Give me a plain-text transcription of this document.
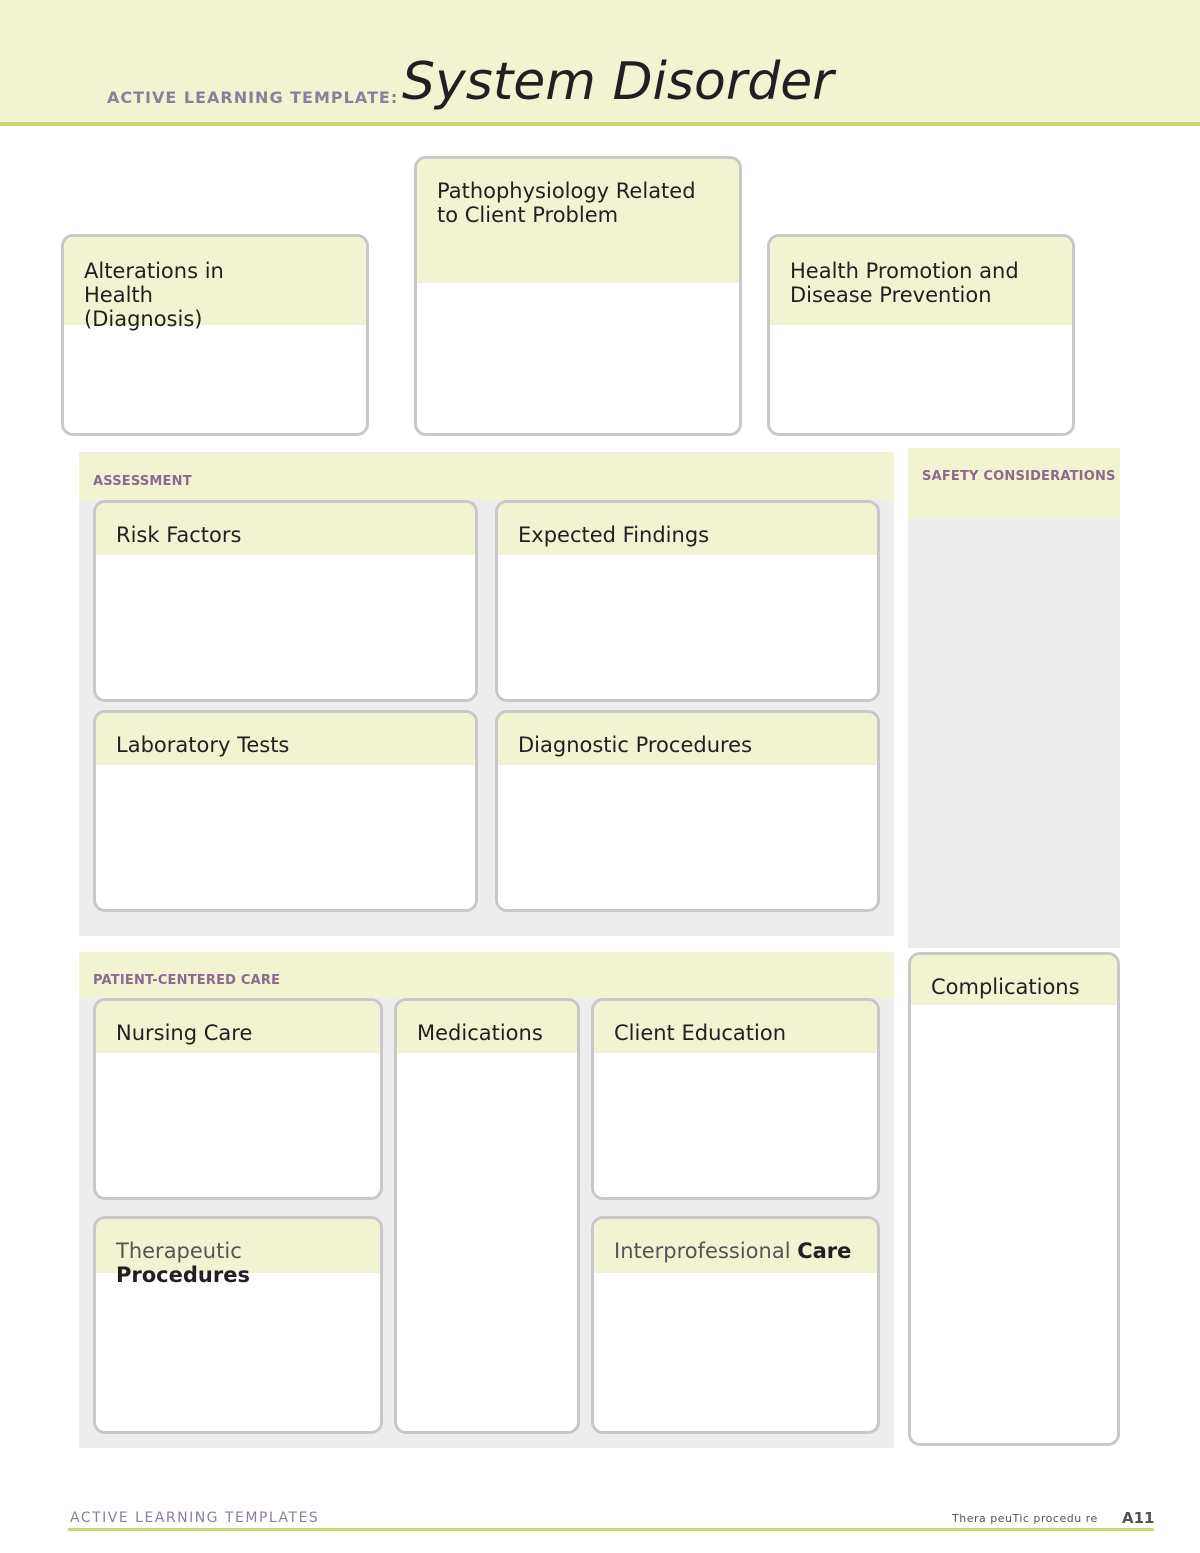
ACTIVE LEARNING TEMPLATE: System Disorder
Alterations in Health (Diagnosis)
Pathophysiology Related to Client Problem
Health Promotion and Disease Prevention
ASSESSMENT
Risk Factors	Expected Findings
Laboratory Tests	Diagnostic Procedures
SAFETY CONSIDERATIONS
Complications
PATIENT-CENTERED CARE
Nursing Care	Medications	Client Education
Therapeutic Procedures
Interprofessional Care
ACTIVE LEARNING TEMPLATES	Thera peuTic procedu re A11
